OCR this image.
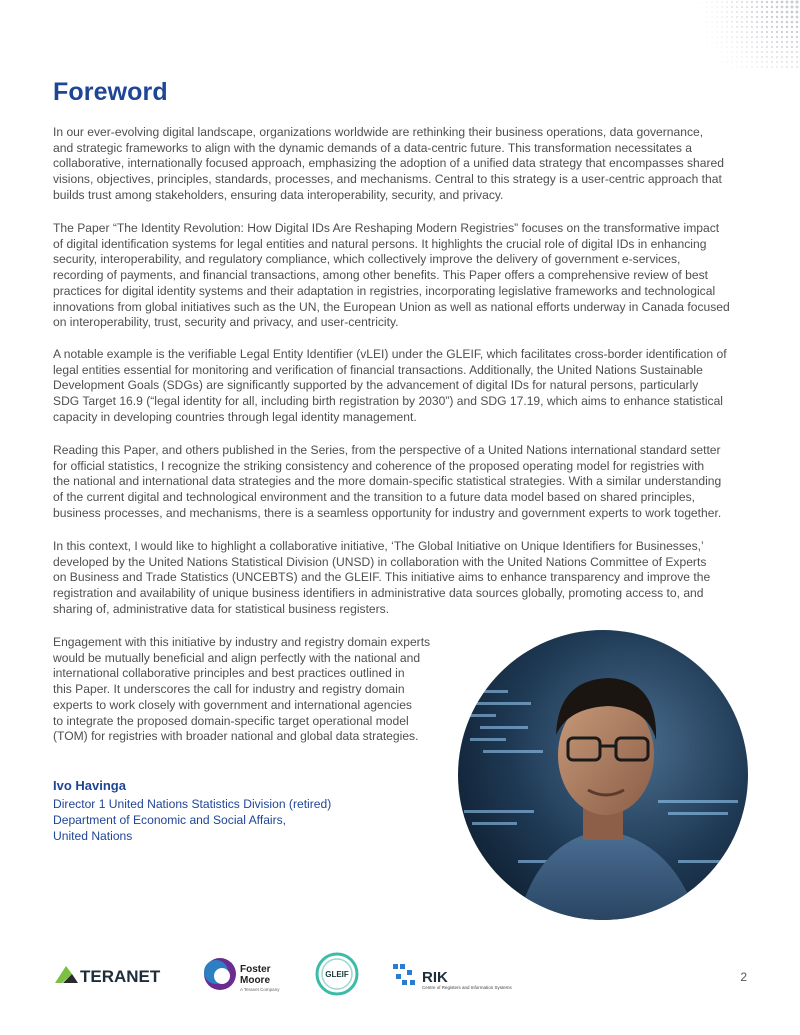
Foreword
In our ever-evolving digital landscape, organizations worldwide are rethinking their business operations, data governance,
and strategic frameworks to align with the dynamic demands of a data-centric future. This transformation necessitates a
collaborative, internationally focused approach, emphasizing the adoption of a unified data strategy that encompasses shared
visions, objectives, principles, standards, processes, and mechanisms. Central to this strategy is a user-centric approach that
builds trust among stakeholders, ensuring data interoperability, security, and privacy.
The Paper “The Identity Revolution: How Digital IDs Are Reshaping Modern Registries” focuses on the transformative impact
of digital identification systems for legal entities and natural persons. It highlights the crucial role of digital IDs in enhancing
security, interoperability, and regulatory compliance, which collectively improve the delivery of government e-services,
recording of payments, and financial transactions, among other benefits. This Paper offers a comprehensive review of best
practices for digital identity systems and their adaptation in registries, incorporating legislative frameworks and technological
innovations from global initiatives such as the UN, the European Union as well as national efforts underway in Canada focused
on interoperability, trust, security and privacy, and user-centricity.
A notable example is the verifiable Legal Entity Identifier (vLEI) under the GLEIF, which facilitates cross-border identification of
legal entities essential for monitoring and verification of financial transactions. Additionally, the United Nations Sustainable
Development Goals (SDGs) are significantly supported by the advancement of digital IDs for natural persons, particularly
SDG Target 16.9 (“legal identity for all, including birth registration by 2030”) and SDG 17.19, which aims to enhance statistical
capacity in developing countries through legal identity management.
Reading this Paper, and others published in the Series, from the perspective of a United Nations international standard setter
for official statistics, I recognize the striking consistency and coherence of the proposed operating model for registries with
the national and international data strategies and the more domain-specific statistical strategies. With a similar understanding
of the current digital and technological environment and the transition to a future data model based on shared principles,
business processes, and mechanisms, there is a seamless opportunity for industry and government experts to work together.
In this context, I would like to highlight a collaborative initiative, ‘The Global Initiative on Unique Identifiers for Businesses,’
developed by the United Nations Statistical Division (UNSD) in collaboration with the United Nations Committee of Experts
on Business and Trade Statistics (UNCEBTS) and the GLEIF. This initiative aims to enhance transparency and improve the
registration and availability of unique business identifiers in administrative data sources globally, promoting access to, and
sharing of, administrative data for statistical business registers.
Engagement with this initiative by industry and registry domain experts
would be mutually beneficial and align perfectly with the national and
international collaborative principles and best practices outlined in
this Paper. It underscores the call for industry and registry domain
experts to work closely with government and international agencies
to integrate the proposed domain-specific target operational model
(TOM) for registries with broader national and global data strategies.
Ivo Havinga
Director 1 United Nations Statistics Division (retired)
Department of Economic and Social Affairs,
United Nations
TERANET	Foster
Moore
A Teranet Company
GLEIF	RIK
Centre of Registers and Information Systems
2
